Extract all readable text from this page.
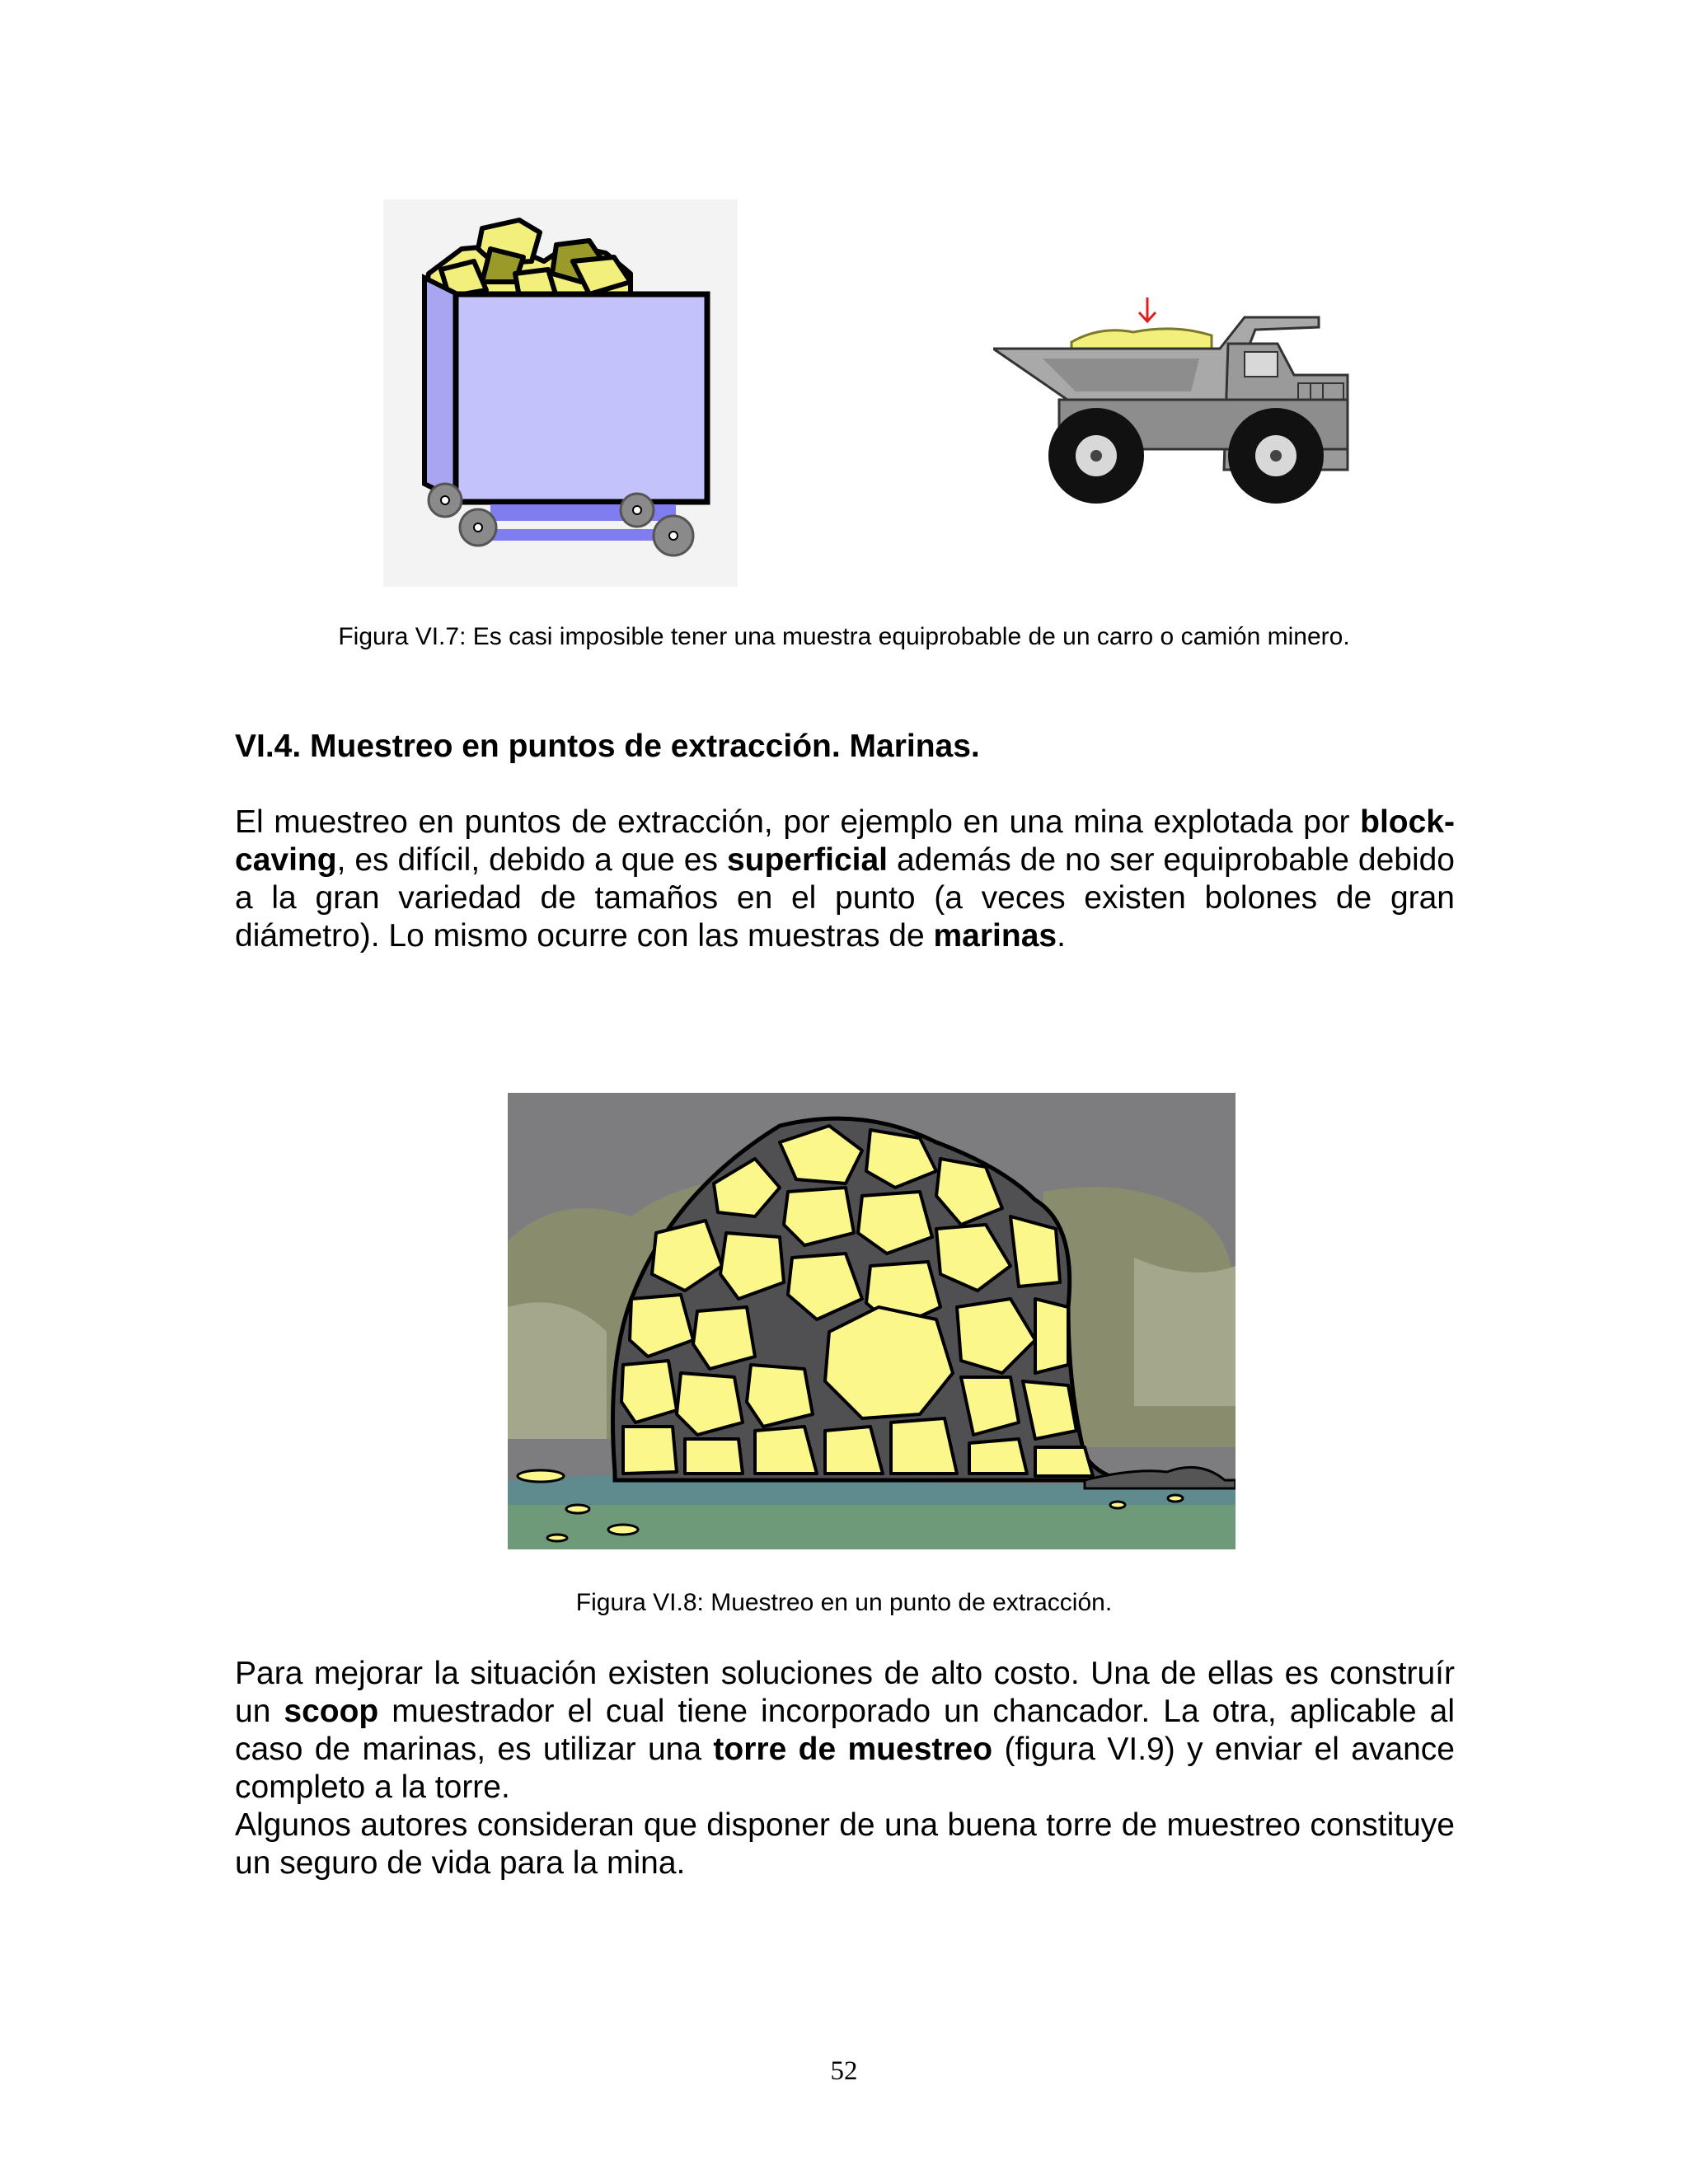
Figura VI.7: Es casi imposible tener una muestra equiprobable de un carro o camión minero.
VI.4. Muestreo en puntos de extracción. Marinas.
El muestreo en puntos de extracción, por ejemplo en una mina explotada por block-caving, es difícil, debido a que es superficial además de no ser equiprobable debido a la gran variedad de tamaños en el punto (a veces existen bolones de gran diámetro). Lo mismo ocurre con las muestras de marinas.
Figura VI.8: Muestreo en un punto de extracción.
Para mejorar la situación existen soluciones de alto costo. Una de ellas es construír un scoop muestrador el cual tiene incorporado un chancador. La otra, aplicable al caso de marinas, es utilizar una torre de muestreo (figura VI.9) y enviar el avance completo a la torre.
Algunos autores consideran que disponer de una buena torre de muestreo constituye un seguro de vida para la mina.
52
